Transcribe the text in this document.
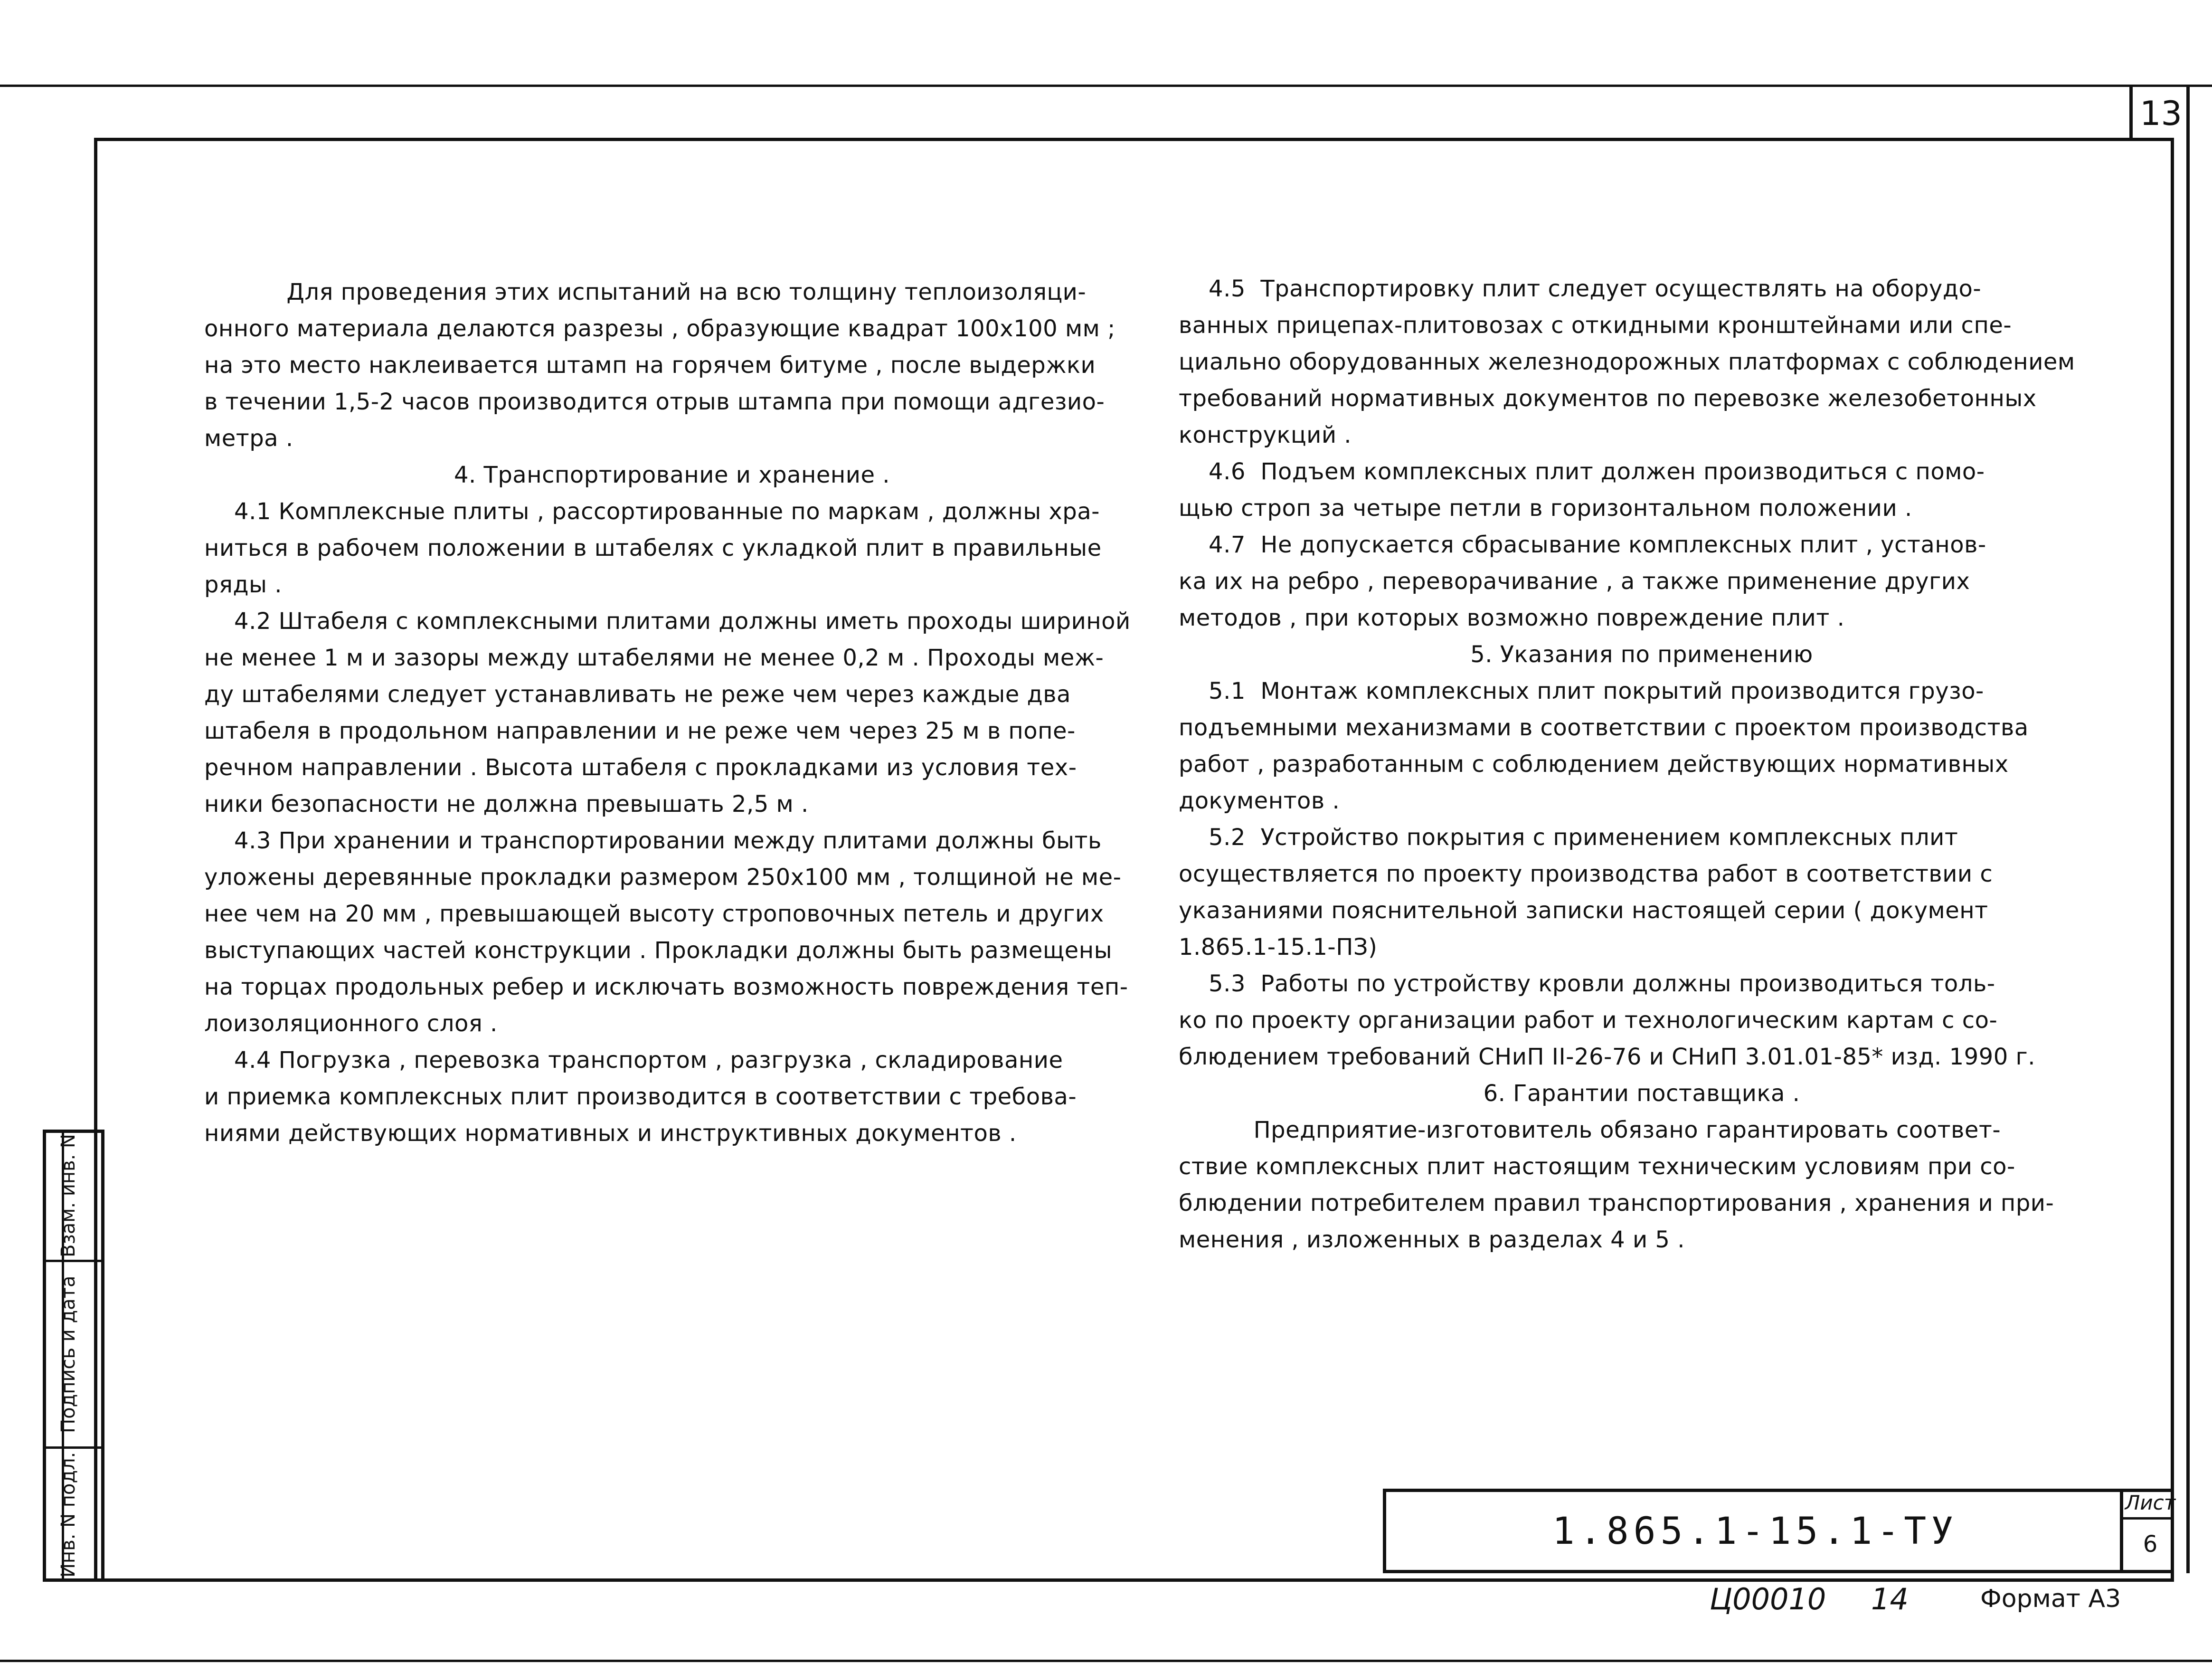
13

Для проведения этих испытаний на всю толщину теплоизоляци-

онного материала делаются разрезы , образующие квадрат 100х100 мм ;

на это место наклеивается штамп на горячем битуме , после выдержки

в течении 1,5-2 часов производится отрыв штампа при помощи адгезио-

метра .

4. Транспортирование и хранение .

4.1 Комплексные плиты , рассортированные по маркам , должны хра-

ниться в рабочем положении в штабелях с укладкой плит в правильные

ряды .

4.2 Штабеля с комплексными плитами должны иметь проходы шириной

не менее 1 м и зазоры между штабелями не менее 0,2 м . Проходы меж-

ду штабелями следует устанавливать не реже чем через каждые два

штабеля в продольном направлении и не реже чем через 25 м в попе-

речном направлении . Высота штабеля с прокладками из условия тех-

ники безопасности не должна превышать 2,5 м .

4.3 При хранении и транспортировании между плитами должны быть

уложены деревянные прокладки размером 250х100 мм , толщиной не ме-

нее чем на 20 мм , превышающей высоту строповочных петель и других

выступающих частей конструкции . Прокладки должны быть размещены

на торцах продольных ребер и исключать возможность повреждения теп-

лоизоляционного слоя .

4.4 Погрузка , перевозка транспортом , разгрузка , складирование

и приемка комплексных плит производится в соответствии с требова-

ниями действующих нормативных и инструктивных документов .

4.5  Транспортировку плит следует осуществлять на оборудо-

ванных прицепах-плитовозах с откидными кронштейнами или спе-

циально оборудованных железнодорожных платформах с соблюдением

требований нормативных документов по перевозке железобетонных

конструкций .

4.6  Подъем комплексных плит должен производиться с помо-

щью строп за четыре петли в горизонтальном положении .

4.7  Не допускается сбрасывание комплексных плит , установ-

ка их на ребро , переворачивание , а также применение других

методов , при которых возможно повреждение плит .

5. Указания по применению

5.1  Монтаж комплексных плит покрытий производится грузо-

подъемными механизмами в соответствии с проектом производства

работ , разработанным с соблюдением действующих нормативных

документов .

5.2  Устройство покрытия с применением комплексных плит

осуществляется по проекту производства работ в соответствии с

указаниями пояснительной записки настоящей серии ( документ

1.865.1-15.1-ПЗ)

5.3  Работы по устройству кровли должны производиться толь-

ко по проекту организации работ и технологическим картам с со-

блюдением требований СНиП II-26-76 и СНиП 3.01.01-85* изд. 1990 г.

6. Гарантии поставщика .

Предприятие-изготовитель обязано гарантировать соответ-

ствие комплексных плит настоящим техническим условиям при со-

блюдении потребителем правил транспортирования , хранения и при-

менения , изложенных в разделах 4 и 5 .

1.865.1-15.1-ТУ
Лист
6
Взам. инв. N
Подпись и дата
Инв. N подл.
Ц00010 14	Формат А3
